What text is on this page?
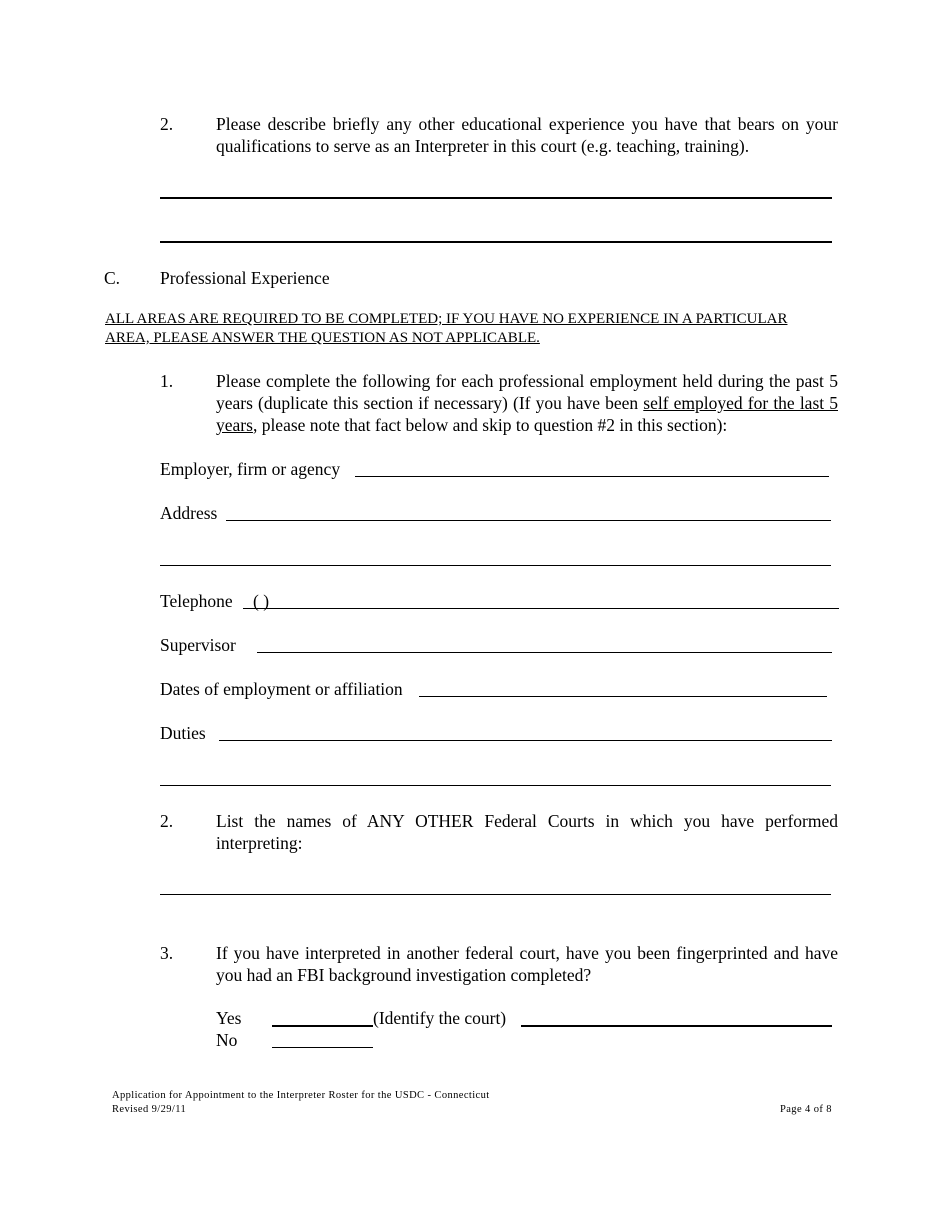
2. Please describe briefly any other educational experience you have that bears on your qualifications to serve as an Interpreter in this court (e.g. teaching, training).
C. Professional Experience
ALL AREAS ARE REQUIRED TO BE COMPLETED; IF YOU HAVE NO EXPERIENCE IN A PARTICULAR
AREA, PLEASE ANSWER THE QUESTION AS NOT APPLICABLE.
1. Please complete the following for each professional employment held during the past 5 years (duplicate this section if necessary) (If you have been self employed for the last 5 years, please note that fact below and skip to question #2 in this section):
Employer, firm or agency
Address
Telephone ( )
Supervisor
Dates of employment or affiliation
Duties
2. List the names of ANY OTHER Federal Courts in which you have performed interpreting:
3. If you have interpreted in another federal court, have you been fingerprinted and have you had an FBI background investigation completed?
Yes	(Identify the court)
No
Application for Appointment to the Interpreter Roster for the USDC - Connecticut
Revised 9/29/11	Page 4 of 8
